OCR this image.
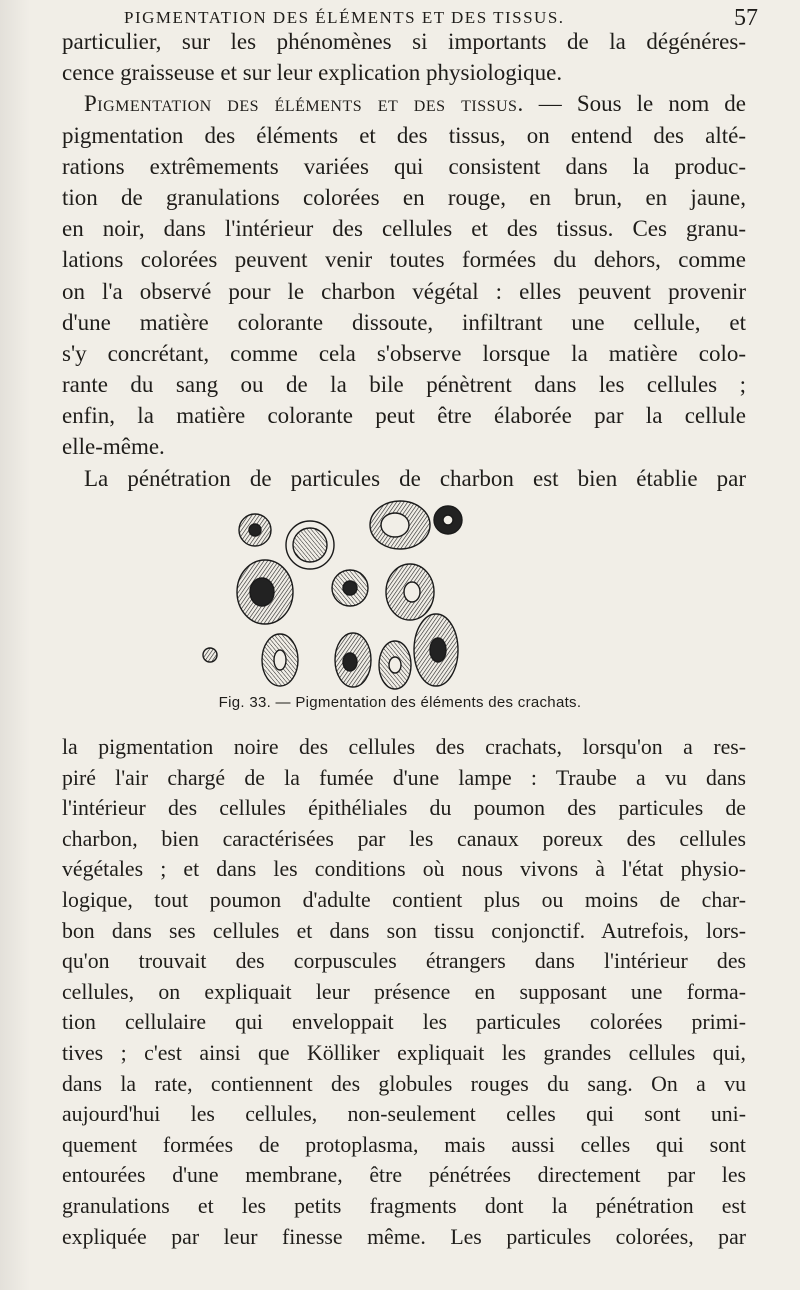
PIGMENTATION DES ÉLÉMENTS ET DES TISSUS.	57
particulier, sur les phénomènes si importants de la dégénéres-
cence graisseuse et sur leur explication physiologique.
Pigmentation des éléments et des tissus. — Sous le nom de
pigmentation des éléments et des tissus, on entend des alté-
rations extrêmements variées qui consistent dans la produc-
tion de granulations colorées en rouge, en brun, en jaune,
en noir, dans l'intérieur des cellules et des tissus. Ces granu-
lations colorées peuvent venir toutes formées du dehors, comme
on l'a observé pour le charbon végétal : elles peuvent provenir
d'une matière colorante dissoute, infiltrant une cellule, et
s'y concrétant, comme cela s'observe lorsque la matière colo-
rante du sang ou de la bile pénètrent dans les cellules ;
enfin, la matière colorante peut être élaborée par la cellule
elle-même.
La pénétration de particules de charbon est bien établie par
Fig. 33. — Pigmentation des éléments des crachats.
la pigmentation noire des cellules des crachats, lorsqu'on a res-
piré l'air chargé de la fumée d'une lampe : Traube a vu dans
l'intérieur des cellules épithéliales du poumon des particules de
charbon, bien caractérisées par les canaux poreux des cellules
végétales ; et dans les conditions où nous vivons à l'état physio-
logique, tout poumon d'adulte contient plus ou moins de char-
bon dans ses cellules et dans son tissu conjonctif. Autrefois, lors-
qu'on trouvait des corpuscules étrangers dans l'intérieur des
cellules, on expliquait leur présence en supposant une forma-
tion cellulaire qui enveloppait les particules colorées primi-
tives ; c'est ainsi que Kölliker expliquait les grandes cellules qui,
dans la rate, contiennent des globules rouges du sang. On a vu
aujourd'hui les cellules, non-seulement celles qui sont uni-
quement formées de protoplasma, mais aussi celles qui sont
entourées d'une membrane, être pénétrées directement par les
granulations et les petits fragments dont la pénétration est
expliquée par leur finesse même. Les particules colorées, par
